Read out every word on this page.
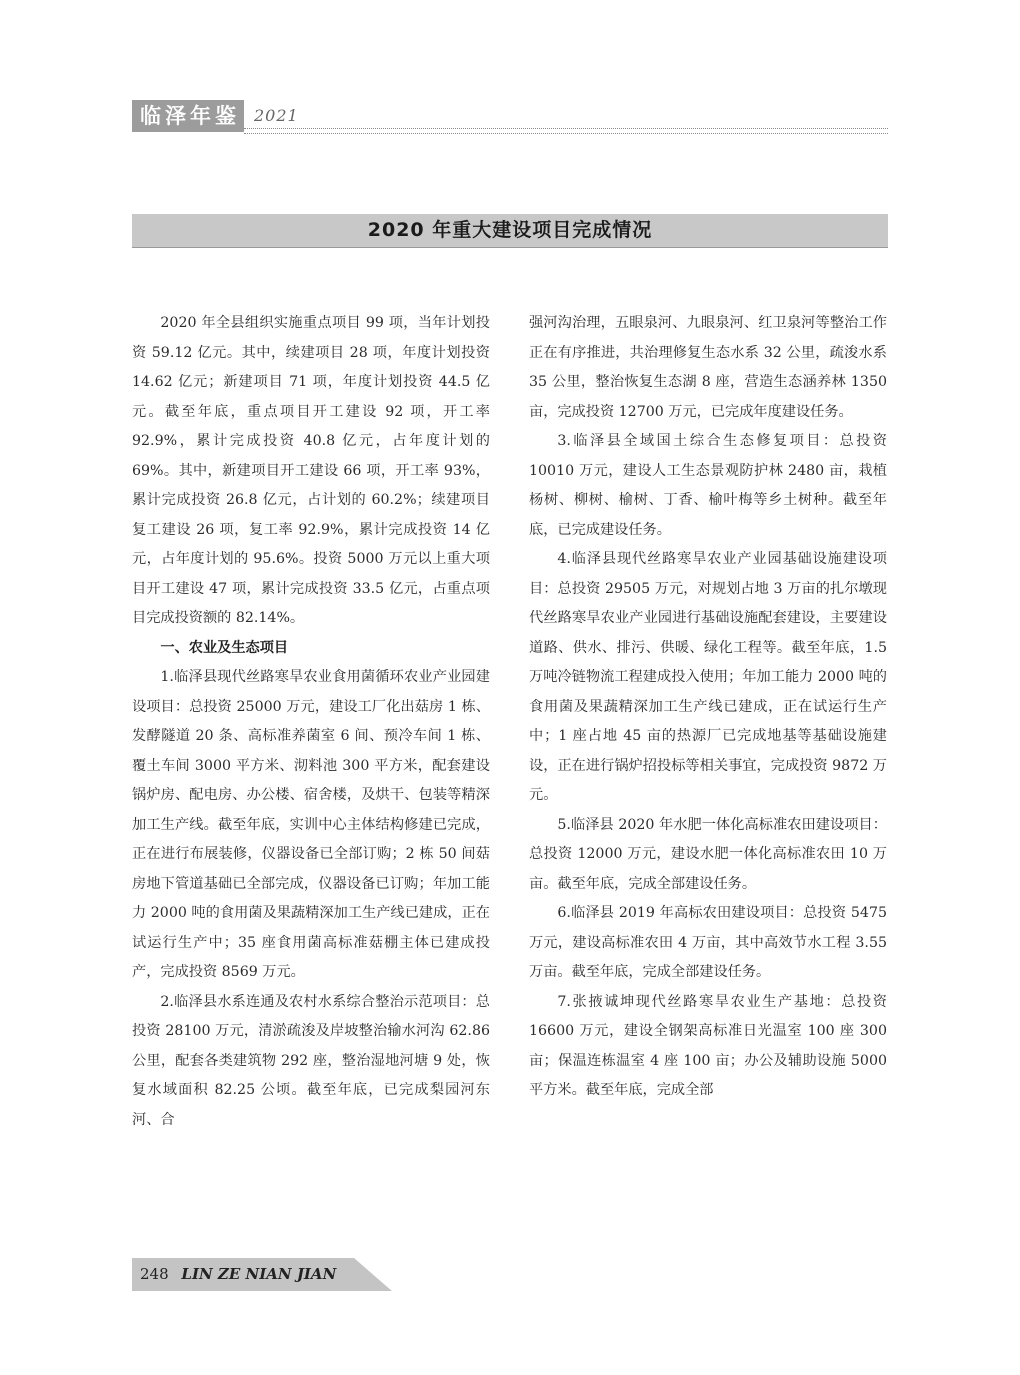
临泽年鉴 2021
2020 年重大建设项目完成情况

2020 年全县组织实施重点项目 99 项，当年计划投资 59.12 亿元。其中，续建项目 28 项，年度计划投资 14.62 亿元；新建项目 71 项，年度计划投资 44.5 亿元。截至年底，重点项目开工建设 92 项，开工率 92.9%，累计完成投资 40.8 亿元，占年度计划的 69%。其中，新建项目开工建设 66 项，开工率 93%，累计完成投资 26.8 亿元，占计划的 60.2%；续建项目复工建设 26 项，复工率 92.9%，累计完成投资 14 亿元，占年度计划的 95.6%。投资 5000 万元以上重大项目开工建设 47 项，累计完成投资 33.5 亿元，占重点项目完成投资额的 82.14%。

一、农业及生态项目

1.临泽县现代丝路寒旱农业食用菌循环农业产业园建设项目：总投资 25000 万元，建设工厂化出菇房 1 栋、发酵隧道 20 条、高标准养菌室 6 间、预冷车间 1 栋、覆土车间 3000 平方米、沏料池 300 平方米，配套建设锅炉房、配电房、办公楼、宿舍楼，及烘干、包装等精深加工生产线。截至年底，实训中心主体结构修建已完成，正在进行布展装修，仪器设备已全部订购；2 栋 50 间菇房地下管道基础已全部完成，仪器设备已订购；年加工能力 2000 吨的食用菌及果蔬精深加工生产线已建成，正在试运行生产中；35 座食用菌高标准菇棚主体已建成投产，完成投资 8569 万元。

2.临泽县水系连通及农村水系综合整治示范项目：总投资 28100 万元，清淤疏浚及岸坡整治输水河沟 62.86 公里，配套各类建筑物 292 座，整治湿地河塘 9 处，恢复水域面积 82.25 公顷。截至年底，已完成梨园河东河、合

强河沟治理，五眼泉河、九眼泉河、红卫泉河等整治工作正在有序推进，共治理修复生态水系 32 公里，疏浚水系 35 公里，整治恢复生态湖 8 座，营造生态涵养林 1350 亩，完成投资 12700 万元，已完成年度建设任务。

3.临泽县全域国土综合生态修复项目：总投资 10010 万元，建设人工生态景观防护林 2480 亩，栽植杨树、柳树、榆树、丁香、榆叶梅等乡土树种。截至年底，已完成建设任务。

4.临泽县现代丝路寒旱农业产业园基础设施建设项目：总投资 29505 万元，对规划占地 3 万亩的扎尔墩现代丝路寒旱农业产业园进行基础设施配套建设，主要建设道路、供水、排污、供暖、绿化工程等。截至年底，1.5 万吨冷链物流工程建成投入使用；年加工能力 2000 吨的食用菌及果蔬精深加工生产线已建成，正在试运行生产中；1 座占地 45 亩的热源厂已完成地基等基础设施建设，正在进行锅炉招投标等相关事宜，完成投资 9872 万元。

5.临泽县 2020 年水肥一体化高标准农田建设项目：总投资 12000 万元，建设水肥一体化高标准农田 10 万亩。截至年底，完成全部建设任务。

6.临泽县 2019 年高标农田建设项目：总投资 5475 万元，建设高标准农田 4 万亩，其中高效节水工程 3.55 万亩。截至年底，完成全部建设任务。

7.张掖诚坤现代丝路寒旱农业生产基地：总投资 16600 万元，建设全钢架高标准日光温室 100 座 300 亩；保温连栋温室 4 座 100 亩；办公及辅助设施 5000 平方米。截至年底，完成全部

248 LIN ZE NIAN JIAN
